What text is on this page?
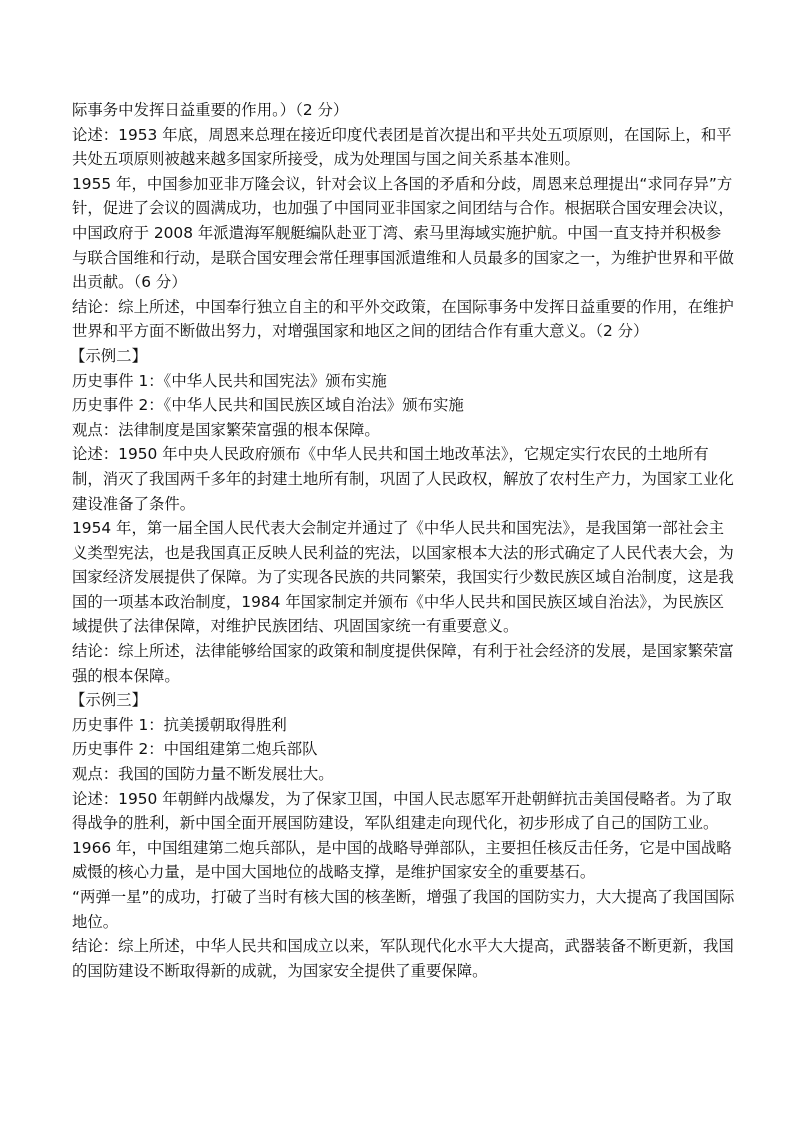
际事务中发挥日益重要的作用。）（2 分）

论述：1953 年底，周恩来总理在接近印度代表团是首次提出和平共处五项原则，在国际上，和平共处五项原则被越来越多国家所接受，成为处理国与国之间关系基本准则。

1955 年，中国参加亚非万隆会议，针对会议上各国的矛盾和分歧，周恩来总理提出“求同存异”方针，促进了会议的圆满成功，也加强了中国同亚非国家之间团结与合作。根据联合国安理会决议，中国政府于 2008 年派遣海军舰艇编队赴亚丁湾、索马里海域实施护航。中国一直支持并积极参与联合国维和行动，是联合国安理会常任理事国派遣维和人员最多的国家之一，为维护世界和平做出贡献。（6 分）

结论：综上所述，中国奉行独立自主的和平外交政策，在国际事务中发挥日益重要的作用，在维护世界和平方面不断做出努力，对增强国家和地区之间的团结合作有重大意义。（2 分）

【示例二】

历史事件 1：《中华人民共和国宪法》颁布实施

历史事件 2：《中华人民共和国民族区域自治法》颁布实施

观点：法律制度是国家繁荣富强的根本保障。

论述：1950 年中央人民政府颁布《中华人民共和国土地改革法》，它规定实行农民的土地所有制，消灭了我国两千多年的封建土地所有制，巩固了人民政权，解放了农村生产力，为国家工业化建设准备了条件。

1954 年，第一届全国人民代表大会制定并通过了《中华人民共和国宪法》，是我国第一部社会主义类型宪法，也是我国真正反映人民利益的宪法，以国家根本大法的形式确定了人民代表大会，为国家经济发展提供了保障。为了实现各民族的共同繁荣，我国实行少数民族区域自治制度，这是我国的一项基本政治制度，1984 年国家制定并颁布《中华人民共和国民族区域自治法》，为民族区域提供了法律保障，对维护民族团结、巩固国家统一有重要意义。

结论：综上所述，法律能够给国家的政策和制度提供保障，有利于社会经济的发展，是国家繁荣富强的根本保障。

【示例三】

历史事件 1：抗美援朝取得胜利

历史事件 2：中国组建第二炮兵部队

观点：我国的国防力量不断发展壮大。

论述：1950 年朝鲜内战爆发，为了保家卫国，中国人民志愿军开赴朝鲜抗击美国侵略者。为了取得战争的胜利，新中国全面开展国防建设，军队组建走向现代化，初步形成了自己的国防工业。

1966 年，中国组建第二炮兵部队，是中国的战略导弹部队，主要担任核反击任务，它是中国战略威慑的核心力量，是中国大国地位的战略支撑，是维护国家安全的重要基石。

“两弹一星”的成功，打破了当时有核大国的核垄断，增强了我国的国防实力，大大提高了我国国际地位。

结论：综上所述，中华人民共和国成立以来，军队现代化水平大大提高，武器装备不断更新，我国的国防建设不断取得新的成就，为国家安全提供了重要保障。
